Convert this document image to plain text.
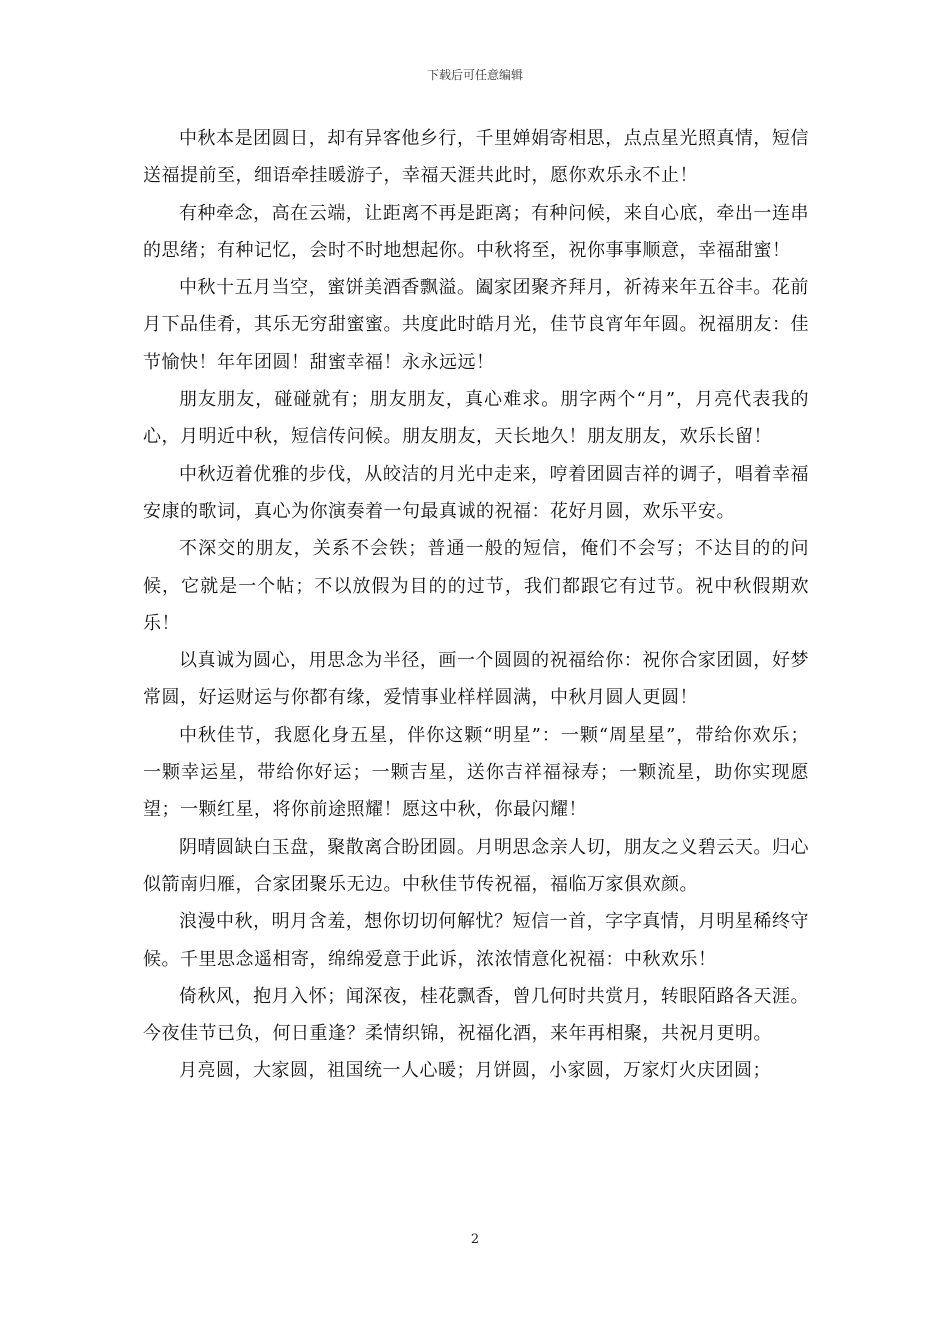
下载后可任意编辑

中秋本是团圆日，却有异客他乡行，千里婵娟寄相思，点点星光照真情，短信送福提前至，细语牵挂暖游子，幸福天涯共此时，愿你欢乐永不止！

有种牵念，高在云端，让距离不再是距离；有种问候，来自心底，牵出一连串的思绪；有种记忆，会时不时地想起你。中秋将至，祝你事事顺意，幸福甜蜜！

中秋十五月当空，蜜饼美酒香飘溢。阖家团聚齐拜月，祈祷来年五谷丰。花前月下品佳肴，其乐无穷甜蜜蜜。共度此时皓月光，佳节良宵年年圆。祝福朋友：佳节愉快！年年团圆！甜蜜幸福！永永远远！

朋友朋友，碰碰就有；朋友朋友，真心难求。朋字两个“月”，月亮代表我的心，月明近中秋，短信传问候。朋友朋友，天长地久！朋友朋友，欢乐长留！

中秋迈着优雅的步伐，从皎洁的月光中走来，哼着团圆吉祥的调子，唱着幸福安康的歌词，真心为你演奏着一句最真诚的祝福：花好月圆，欢乐平安。

不深交的朋友，关系不会铁；普通一般的短信，俺们不会写；不达目的的问候，它就是一个帖；不以放假为目的的过节，我们都跟它有过节。祝中秋假期欢乐！

以真诚为圆心，用思念为半径，画一个圆圆的祝福给你：祝你合家团圆，好梦常圆，好运财运与你都有缘，爱情事业样样圆满，中秋月圆人更圆！

中秋佳节，我愿化身五星，伴你这颗“明星”：一颗“周星星”，带给你欢乐；一颗幸运星，带给你好运；一颗吉星，送你吉祥福禄寿；一颗流星，助你实现愿望；一颗红星，将你前途照耀！愿这中秋，你最闪耀！

阴晴圆缺白玉盘，聚散离合盼团圆。月明思念亲人切，朋友之义碧云天。归心似箭南归雁，合家团聚乐无边。中秋佳节传祝福，福临万家俱欢颜。

浪漫中秋，明月含羞，想你切切何解忧？短信一首，字字真情，月明星稀终守候。千里思念遥相寄，绵绵爱意于此诉，浓浓情意化祝福：中秋欢乐！

倚秋风，抱月入怀；闻深夜，桂花飘香，曾几何时共赏月，转眼陌路各天涯。今夜佳节已负，何日重逢？柔情织锦，祝福化酒，来年再相聚，共祝月更明。

月亮圆，大家圆，祖国统一人心暖；月饼圆，小家圆，万家灯火庆团圆；

2
